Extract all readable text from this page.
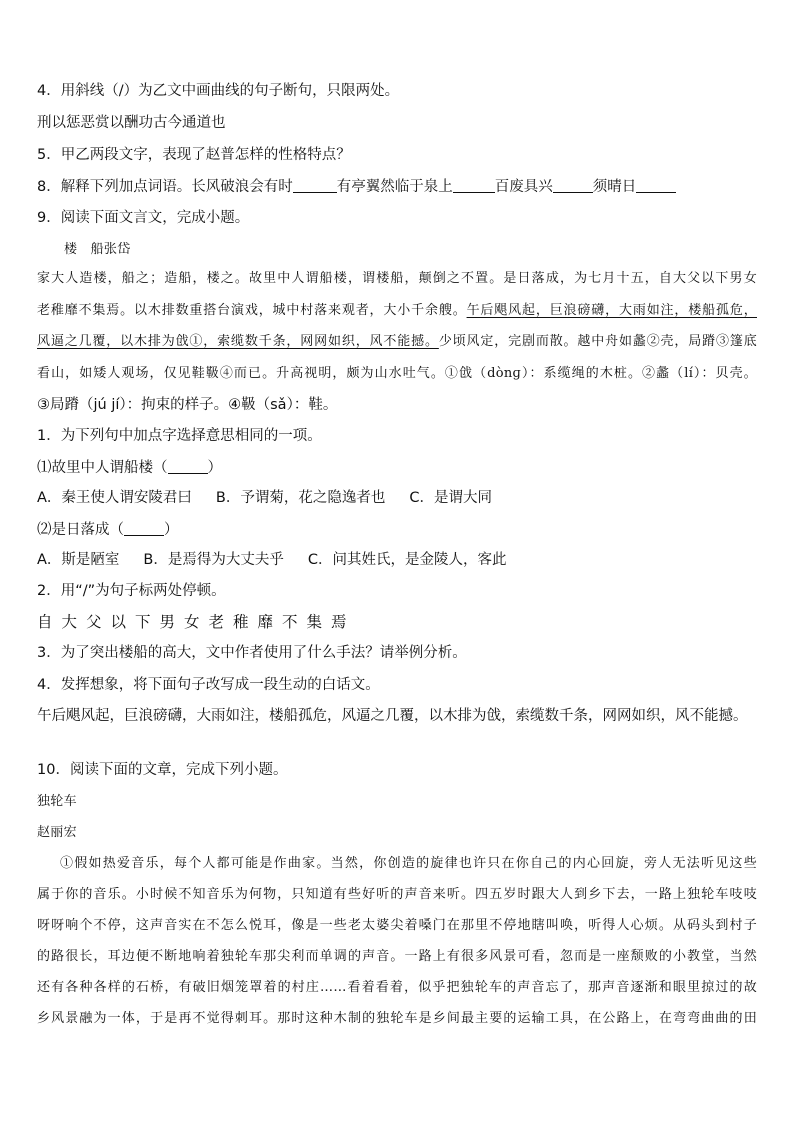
4．用斜线（/）为乙文中画曲线的句子断句，只限两处。
刑以惩恶赏以酬功古今通道也
5．甲乙两段文字，表现了赵普怎样的性格特点？
8．解释下列加点词语。长风破浪会有时	有亭翼然临于泉上	百废具兴	须晴日
9．阅读下面文言文，完成小题。
楼　船张岱
家大人造楼，船之；造船，楼之。故里中人谓船楼，谓楼船，颠倒之不置。是日落成，为七月十五，自大父以下男女
老稚靡不集焉。以木排数重搭台演戏，城中村落来观者，大小千余艘。午后飓风起，巨浪磅礴，大雨如注，楼船孤危，
风逼之几覆，以木排为戗①，索缆数千条，网网如织，风不能撼。少顷风定，完剧而散。越中舟如蠡②壳，局蹐③篷底
看山，如矮人观场，仅见鞋靸④而已。升高视明，颇为山水吐气。①戗（dònɡ）：系缆绳的木桩。②蠡（lí）：贝壳。
③局蹐（jú jí）：拘束的样子。④靸（sǎ）：鞋。
1．为下列句中加点字选择意思相同的一项。
⑴故里中人谓船楼（	）
A．秦王使人谓安陵君曰 B．予谓菊，花之隐逸者也 C．是谓大同
⑵是日落成（	）
A．斯是陋室 B．是焉得为大丈夫乎 C．问其姓氏，是金陵人，客此
2．用“/”为句子标两处停顿。
自大父以下男女老稚靡不集焉
3．为了突出楼船的高大，文中作者使用了什么手法？请举例分析。
4．发挥想象，将下面句子改写成一段生动的白话文。
午后飓风起，巨浪磅礴，大雨如注，楼船孤危，风逼之几覆，以木排为戗，索缆数千条，网网如织，风不能撼。
10．阅读下面的文章，完成下列小题。
独轮车
赵丽宏
①假如热爱音乐，每个人都可能是作曲家。当然，你创造的旋律也许只在你自己的内心回旋，旁人无法听见这些
属于你的音乐。小时候不知音乐为何物，只知道有些好听的声音来听。四五岁时跟大人到乡下去，一路上独轮车吱吱
呀呀响个不停，这声音实在不怎么悦耳，像是一些老太婆尖着嗓门在那里不停地瞎叫唤，听得人心烦。从码头到村子
的路很长，耳边便不断地响着独轮车那尖利而单调的声音。一路上有很多风景可看，忽而是一座颓败的小教堂，当然
还有各种各样的石桥，有破旧烟笼罩着的村庄……看着看着，似乎把独轮车的声音忘了，那声音逐渐和眼里掠过的故
乡风景融为一体，于是再不觉得刺耳。那时这种木制的独轮车是乡间最主要的运输工具，在公路上，在弯弯曲曲的田
